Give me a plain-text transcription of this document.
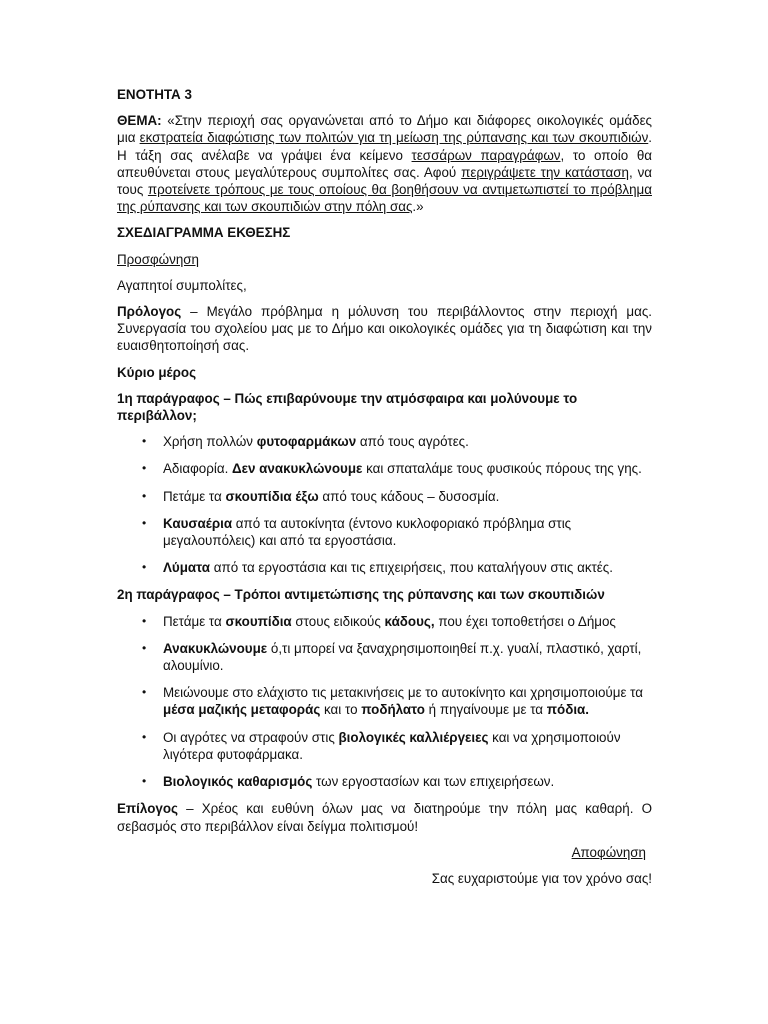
ΕΝΟΤΗΤΑ 3

ΘΕΜΑ: «Στην περιοχή σας οργανώνεται από το Δήμο και διάφορες οικολογικές ομάδες μια εκστρατεία διαφώτισης των πολιτών για τη μείωση της ρύπανσης και των σκουπιδιών. Η τάξη σας ανέλαβε να γράψει ένα κείμενο τεσσάρων παραγράφων, το οποίο θα απευθύνεται στους μεγαλύτερους συμπολίτες σας. Αφού περιγράψετε την κατάσταση, να τους προτείνετε τρόπους με τους οποίους θα βοηθήσουν να αντιμετωπιστεί το πρόβλημα της ρύπανσης και των σκουπιδιών στην πόλη σας.»

ΣΧΕΔΙΑΓΡΑΜΜΑ ΕΚΘΕΣΗΣ

Προσφώνηση

Αγαπητοί συμπολίτες,

Πρόλογος – Μεγάλο πρόβλημα η μόλυνση του περιβάλλοντος στην περιοχή μας. Συνεργασία του σχολείου μας με το Δήμο και οικολογικές ομάδες για τη διαφώτιση και την ευαισθητοποίησή σας.

Κύριο μέρος
1η παράγραφος – Πώς επιβαρύνουμε την ατμόσφαιρα και μολύνουμε το περιβάλλον;
• Χρήση πολλών φυτοφαρμάκων από τους αγρότες.
• Αδιαφορία. Δεν ανακυκλώνουμε και σπαταλάμε τους φυσικούς πόρους της γης.
• Πετάμε τα σκουπίδια έξω από τους κάδους – δυσοσμία.
• Καυσαέρια από τα αυτοκίνητα (έντονο κυκλοφοριακό πρόβλημα στις μεγαλουπόλεις) και από τα εργοστάσια.
• Λύματα από τα εργοστάσια και τις επιχειρήσεις, που καταλήγουν στις ακτές.
2η παράγραφος – Τρόποι αντιμετώπισης της ρύπανσης και των σκουπιδιών
• Πετάμε τα σκουπίδια στους ειδικούς κάδους, που έχει τοποθετήσει ο Δήμος
• Ανακυκλώνουμε ό,τι μπορεί να ξαναχρησιμοποιηθεί π.χ. γυαλί, πλαστικό, χαρτί, αλουμίνιο.
• Μειώνουμε στο ελάχιστο τις μετακινήσεις με το αυτοκίνητο και χρησιμοποιούμε τα μέσα μαζικής μεταφοράς και το ποδήλατο ή πηγαίνουμε με τα πόδια.
• Οι αγρότες να στραφούν στις βιολογικές καλλιέργειες και να χρησιμοποιούν λιγότερα φυτοφάρμακα.
• Βιολογικός καθαρισμός των εργοστασίων και των επιχειρήσεων.

Επίλογος – Χρέος και ευθύνη όλων μας να διατηρούμε την πόλη μας καθαρή. Ο σεβασμός στο περιβάλλον είναι δείγμα πολιτισμού!

Αποφώνηση
Σας ευχαριστούμε για τον χρόνο σας!
